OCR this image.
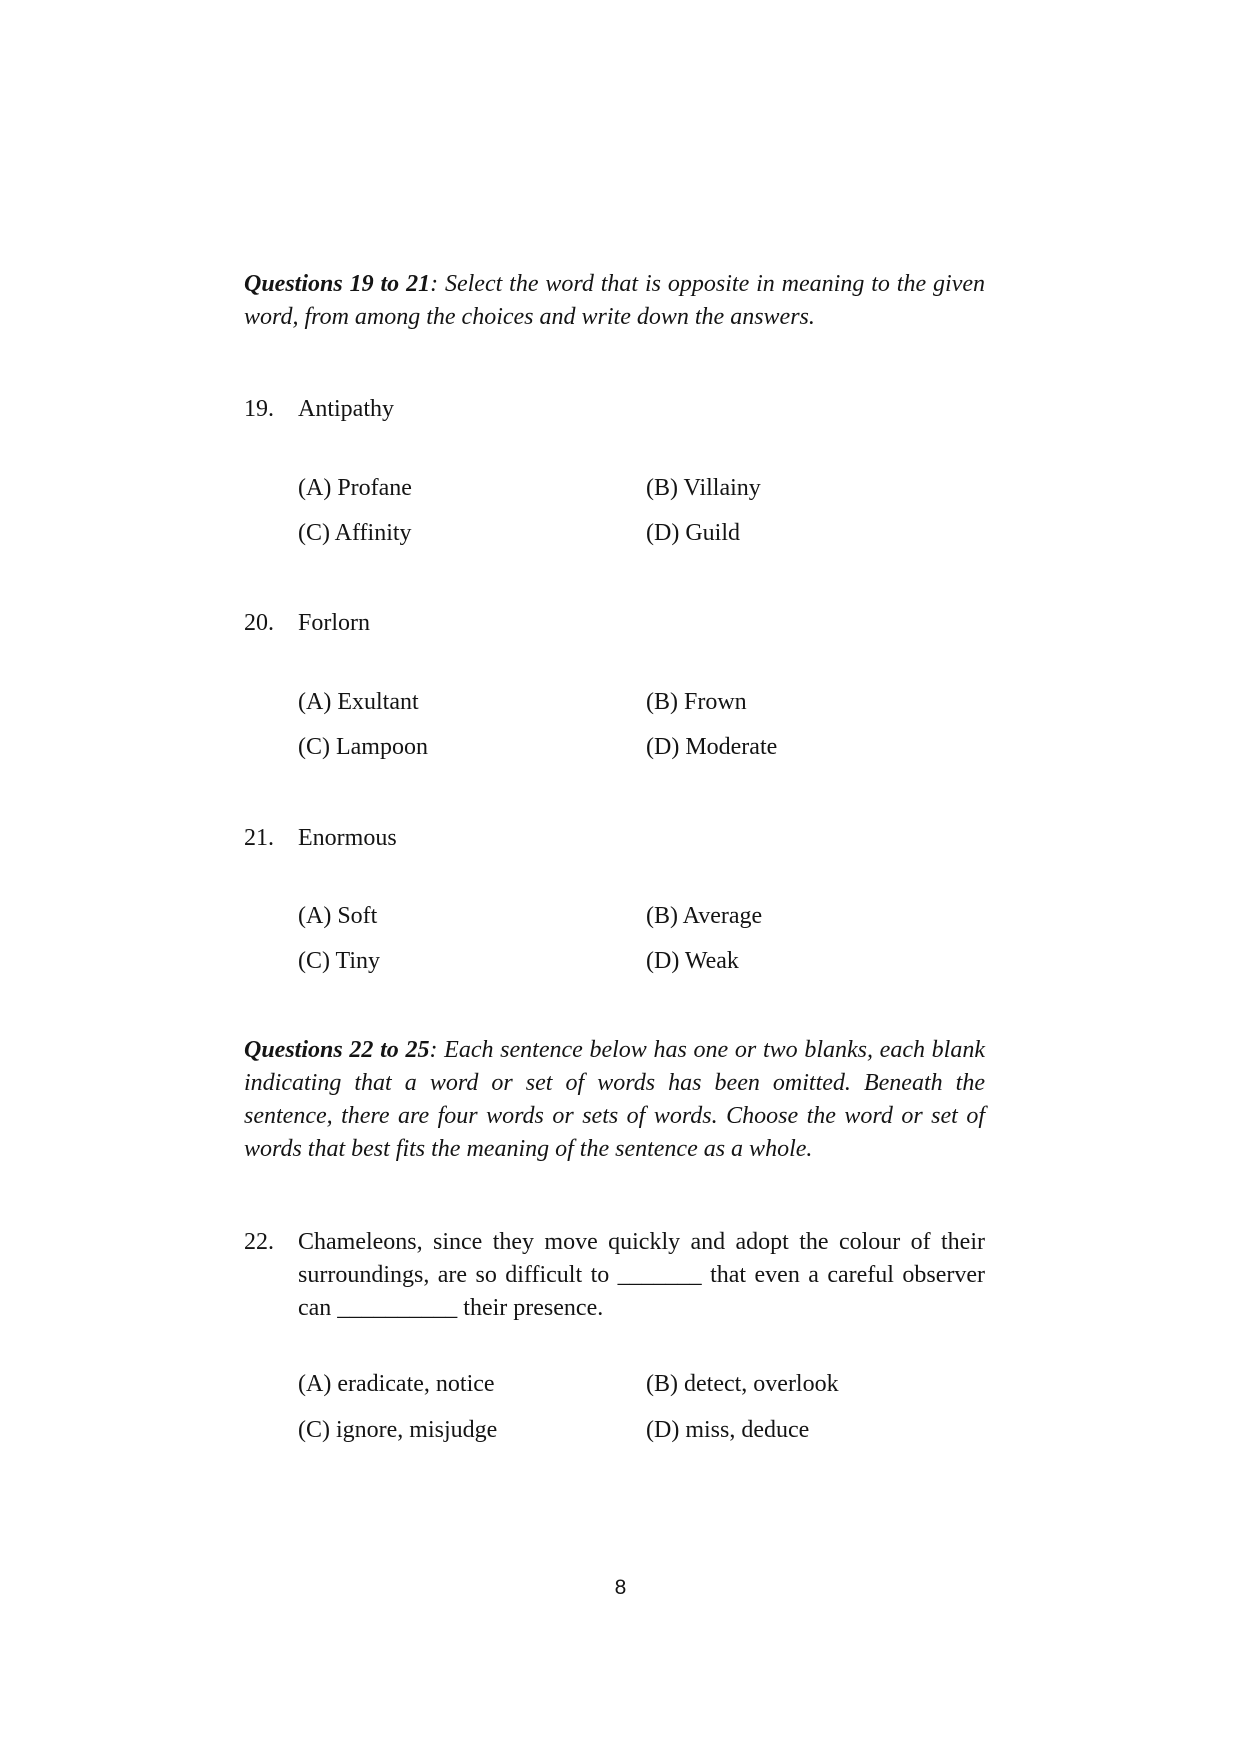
Questions 19 to 21: Select the word that is opposite in meaning to the given word, from among the choices and write down the answers.
19. Antipathy
(A) Profane	(B) Villainy
(C) Affinity	(D) Guild
20. Forlorn
(A) Exultant	(B) Frown
(C) Lampoon	(D) Moderate
21. Enormous
(A) Soft	(B) Average
(C) Tiny	(D) Weak
Questions 22 to 25: Each sentence below has one or two blanks, each blank indicating that a word or set of words has been omitted. Beneath the sentence, there are four words or sets of words. Choose the word or set of words that best fits the meaning of the sentence as a whole.
22. Chameleons, since they move quickly and adopt the colour of their surroundings, are so difficult to _______ that even a careful observer can __________ their presence.
(A) eradicate, notice	(B) detect, overlook
(C) ignore, misjudge	(D) miss, deduce
8
